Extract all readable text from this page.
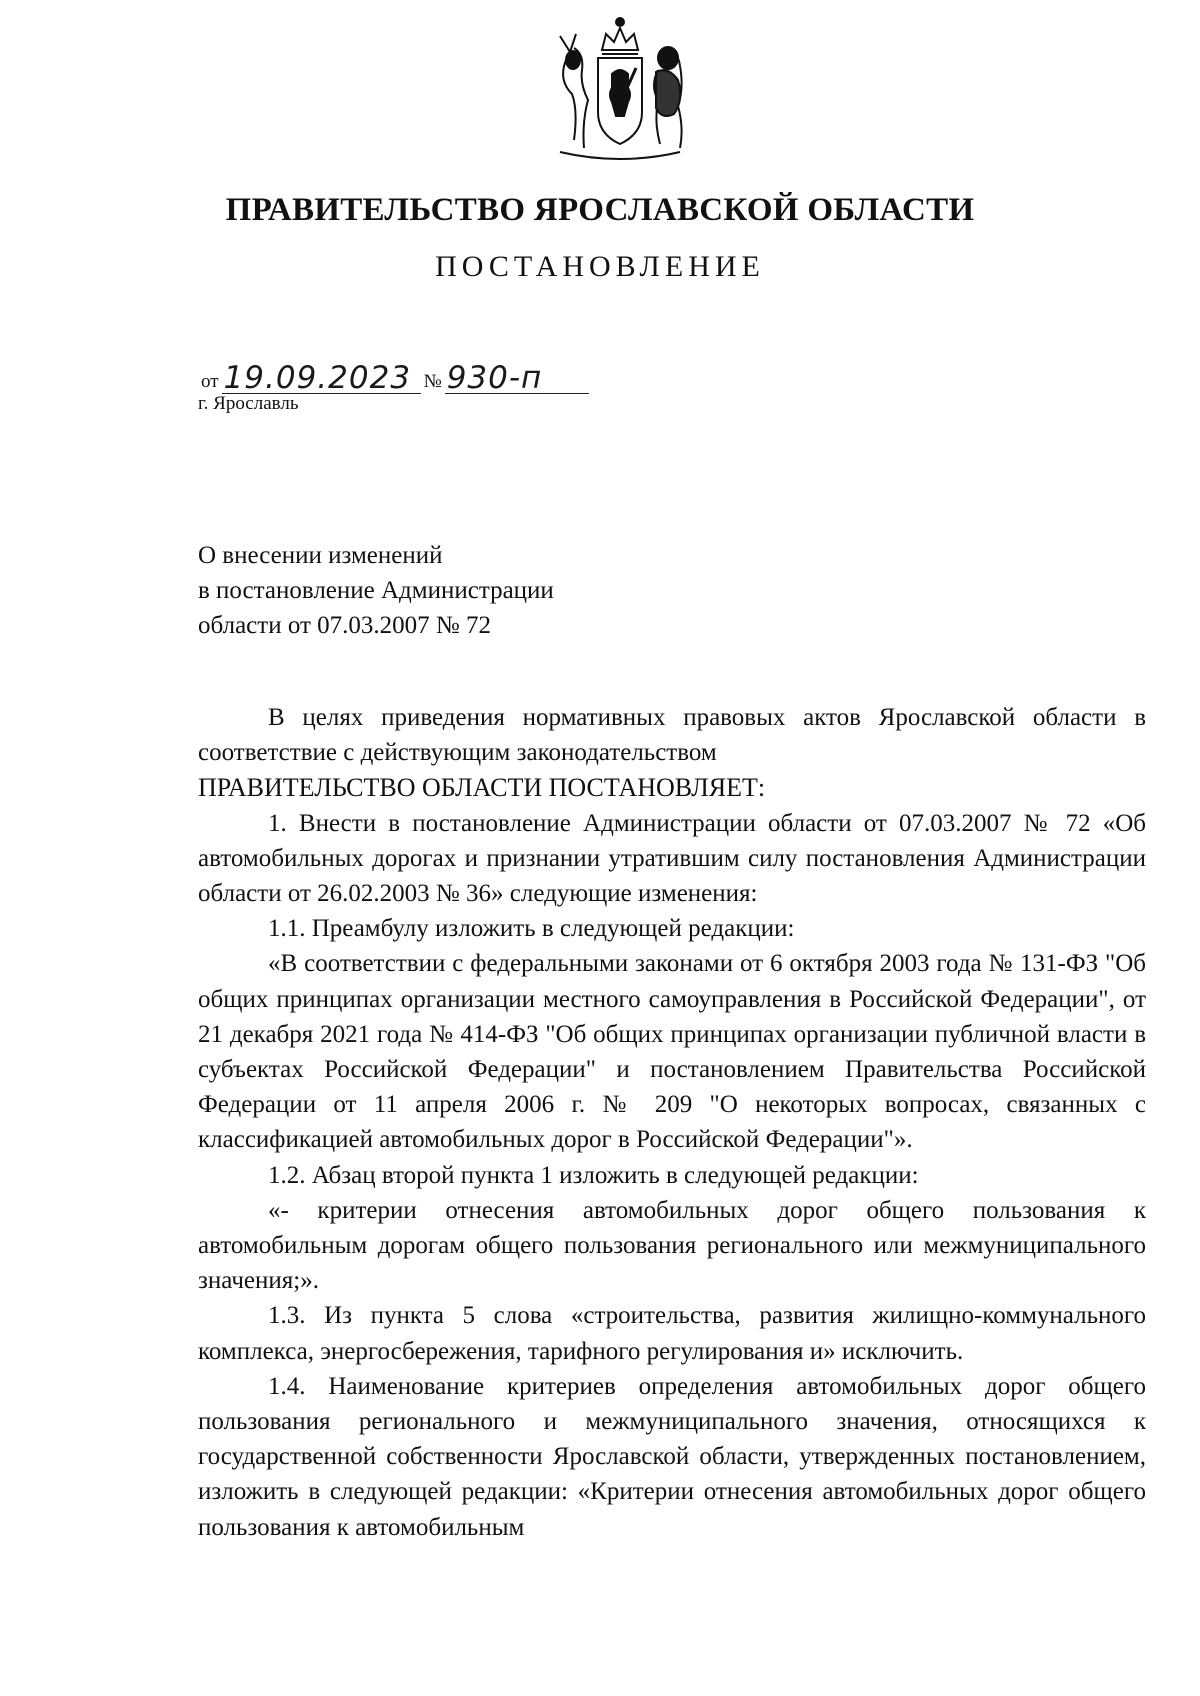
ПРАВИТЕЛЬСТВО ЯРОСЛАВСКОЙ ОБЛАСТИ
ПОСТАНОВЛЕНИЕ
от 19.09.2023 № 930-п
г. Ярославль
О внесении изменений
в постановление Администрации
области от 07.03.2007 № 72

В целях приведения нормативных правовых актов Ярославской области в соответствие с действующим законодательством

ПРАВИТЕЛЬСТВО ОБЛАСТИ ПОСТАНОВЛЯЕТ:

1. Внести в постановление Администрации области от 07.03.2007 № 72 «Об автомобильных дорогах и признании утратившим силу постановления Администрации области от 26.02.2003 № 36» следующие изменения:

1.1. Преамбулу изложить в следующей редакции:

«В соответствии с федеральными законами от 6 октября 2003 года № 131-ФЗ "Об общих принципах организации местного самоуправления в Российской Федерации", от 21 декабря 2021 года № 414-ФЗ "Об общих принципах организации публичной власти в субъектах Российской Федерации" и постановлением Правительства Российской Федерации от 11 апреля 2006 г. № 209 "О некоторых вопросах, связанных с классификацией автомобильных дорог в Российской Федерации"».

1.2. Абзац второй пункта 1 изложить в следующей редакции:

«- критерии отнесения автомобильных дорог общего пользования к автомобильным дорогам общего пользования регионального или межмуниципального значения;».

1.3. Из пункта 5 слова «строительства, развития жилищно-коммунального комплекса, энергосбережения, тарифного регулирования и» исключить.

1.4. Наименование критериев определения автомобильных дорог общего пользования регионального и межмуниципального значения, относящихся к государственной собственности Ярославской области, утвержденных постановлением, изложить в следующей редакции: «Критерии отнесения автомобильных дорог общего пользования к автомобильным
